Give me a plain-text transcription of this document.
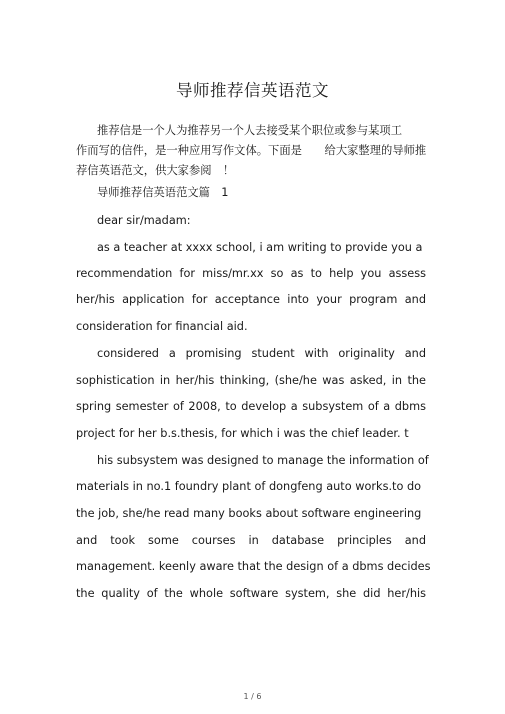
导师推荐信英语范文
推荐信是一个人为推荐另一个人去接受某个职位或参与某项工
作而写的信件，是一种应用写作文体。下面是　　给大家整理的导师推
荐信英语范文，供大家参阅　！
导师推荐信英语范文篇　1
dear sir/madam:
as a teacher at xxxx school, i am writing to provide you a
recommendation for miss/mr.xx so as to help you assess
her/his application for acceptance into your program and
consideration for financial aid.
considered a promising student with originality and
sophistication in her/his thinking, (she/he was asked, in the
spring semester of 2008, to develop a subsystem of a dbms
project for her b.s.thesis, for which i was the chief leader. t
his subsystem was designed to manage the information of
materials in no.1 foundry plant of dongfeng auto works.to do
the job, she/he read many books about software engineering
and took some courses in database principles and
management. keenly aware that the design of a dbms decides
the quality of the whole software system, she did her/his
1 / 6
